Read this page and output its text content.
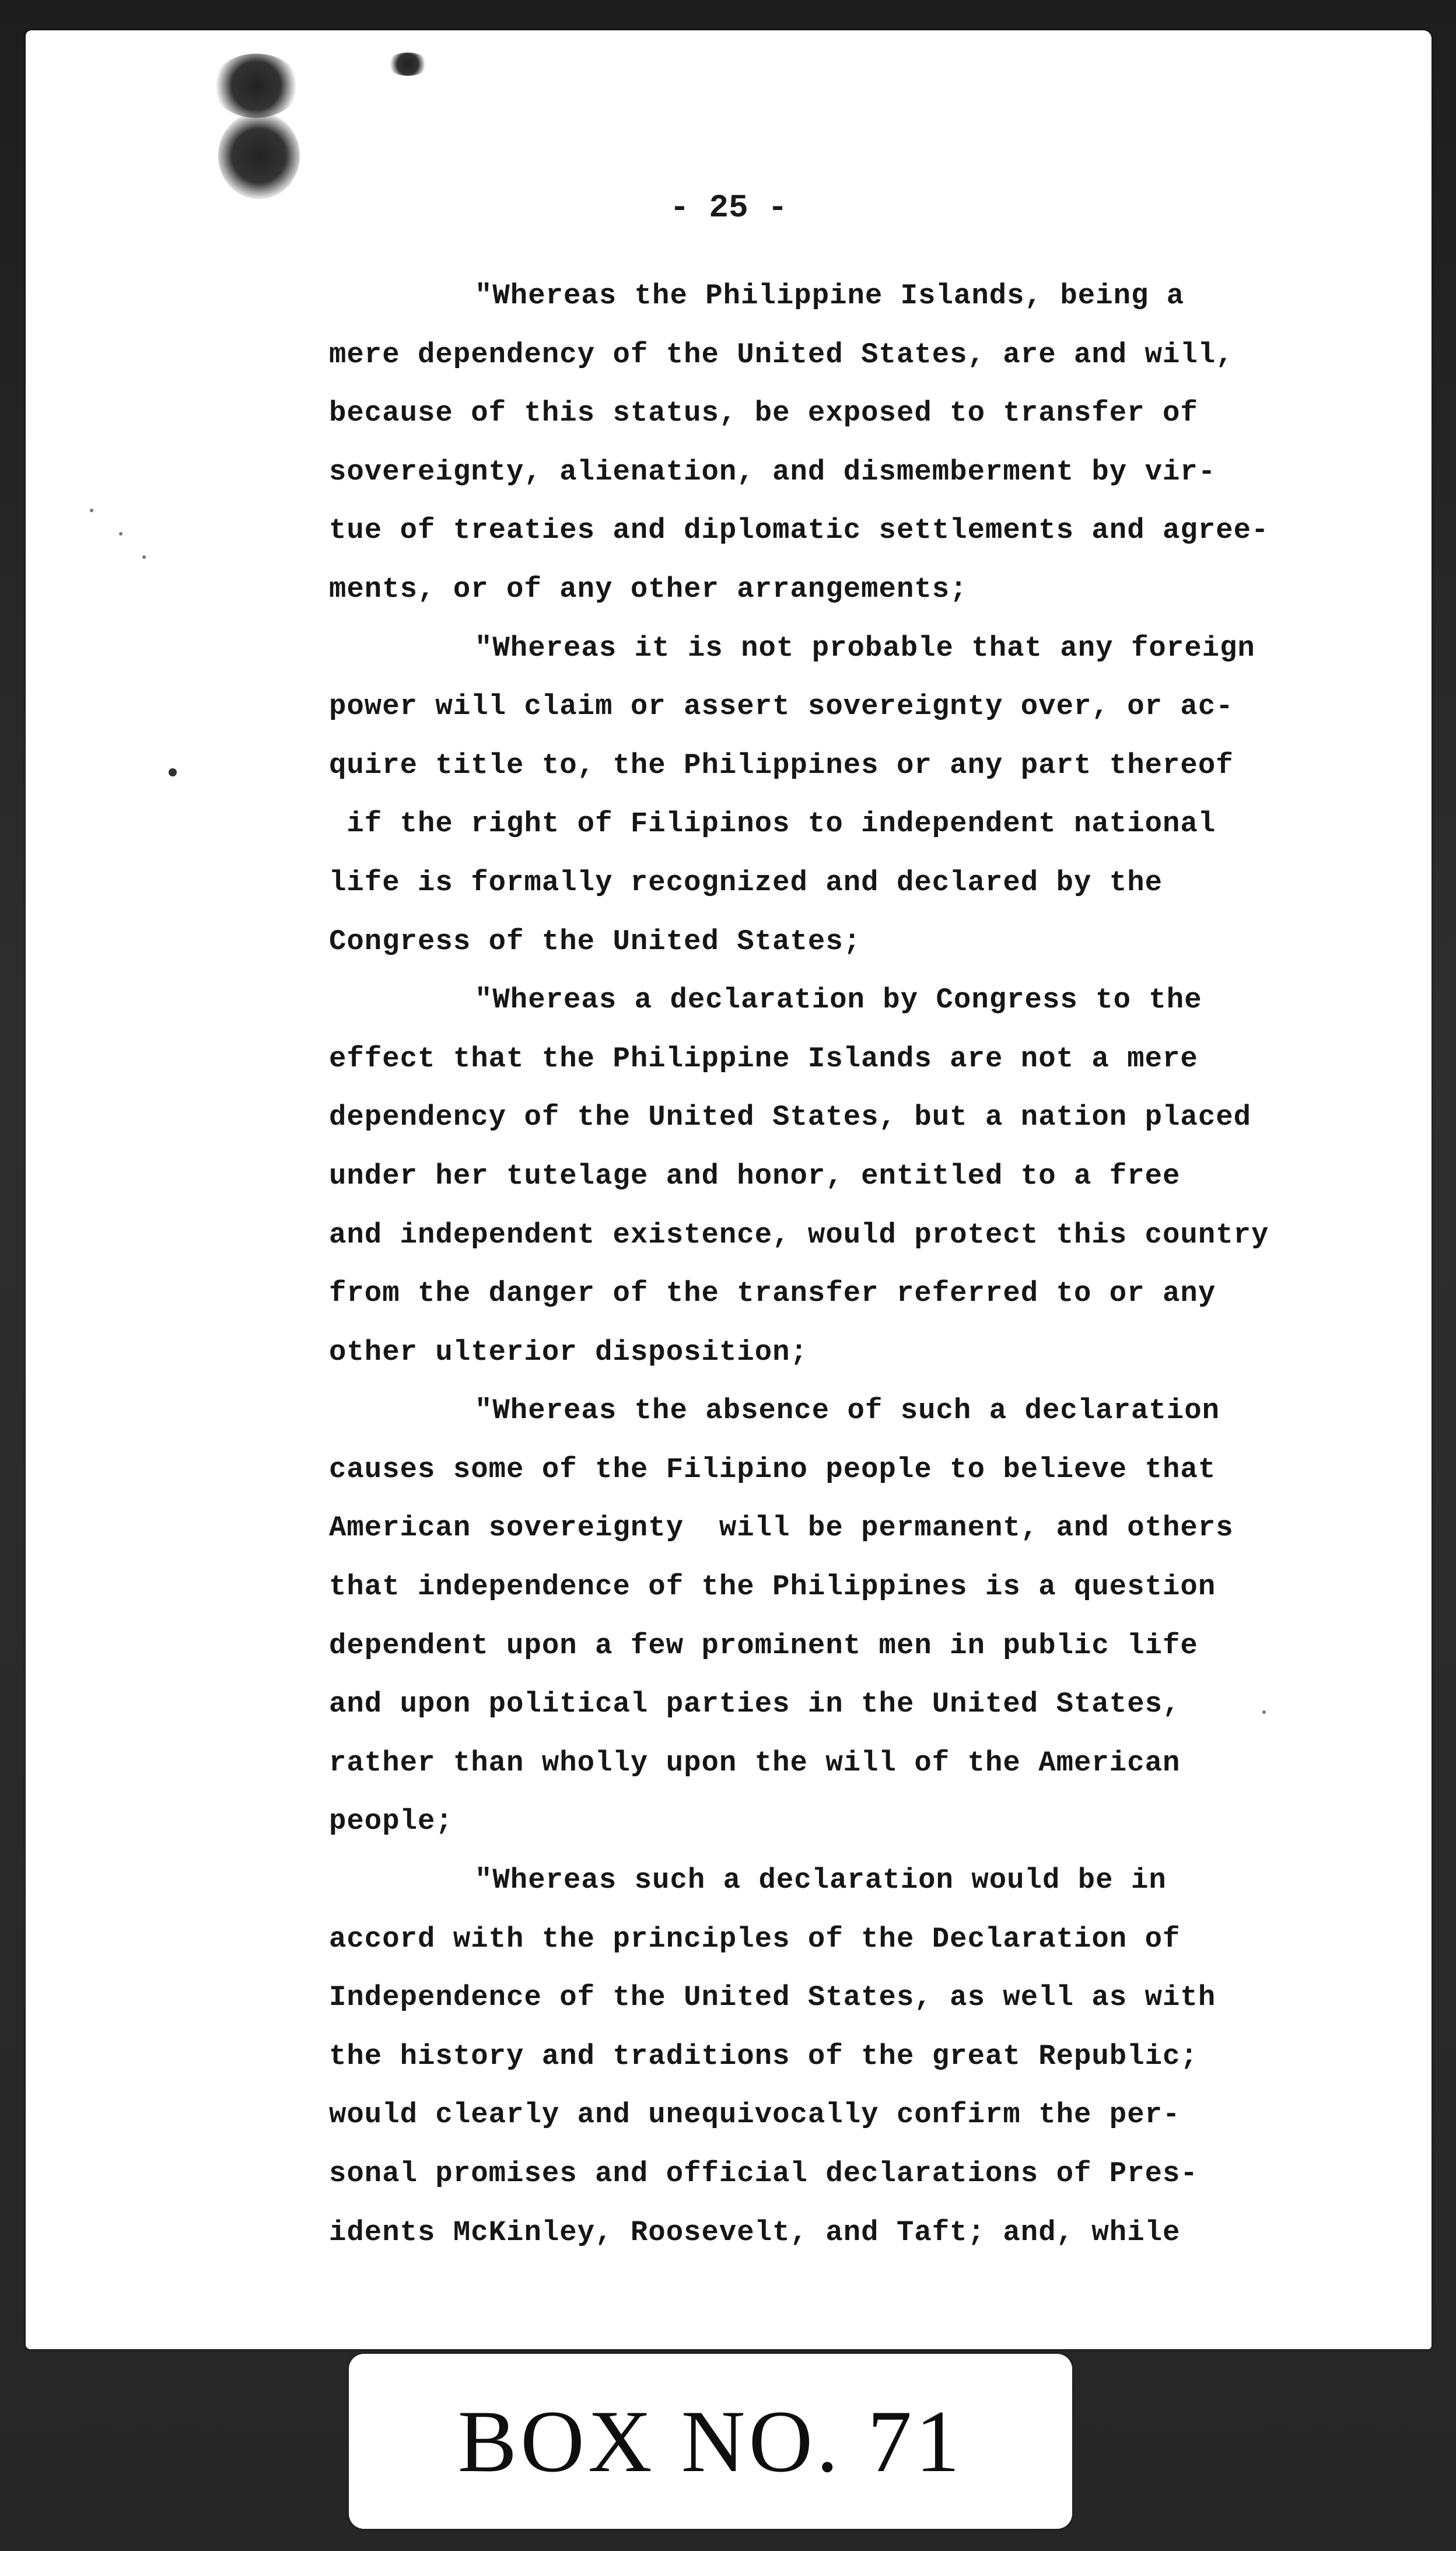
- 25 -
"Whereas the Philippine Islands, being a
mere dependency of the United States, are and will,
because of this status, be exposed to transfer of
sovereignty, alienation, and dismemberment by vir-
tue of treaties and diplomatic settlements and agree-
ments, or of any other arrangements;
"Whereas it is not probable that any foreign
power will claim or assert sovereignty over, or ac-
quire title to, the Philippines or any part thereof
if the right of Filipinos to independent national
life is formally recognized and declared by the
Congress of the United States;
"Whereas a declaration by Congress to the
effect that the Philippine Islands are not a mere
dependency of the United States, but a nation placed
under her tutelage and honor, entitled to a free
and independent existence, would protect this country
from the danger of the transfer referred to or any
other ulterior disposition;
"Whereas the absence of such a declaration
causes some of the Filipino people to believe that
American sovereignty  will be permanent, and others
that independence of the Philippines is a question
dependent upon a few prominent men in public life
and upon political parties in the United States,
rather than wholly upon the will of the American
people;
"Whereas such a declaration would be in
accord with the principles of the Declaration of
Independence of the United States, as well as with
the history and traditions of the great Republic;
would clearly and unequivocally confirm the per-
sonal promises and official declarations of Pres-
idents McKinley, Roosevelt, and Taft; and, while
BOX NO. 71
